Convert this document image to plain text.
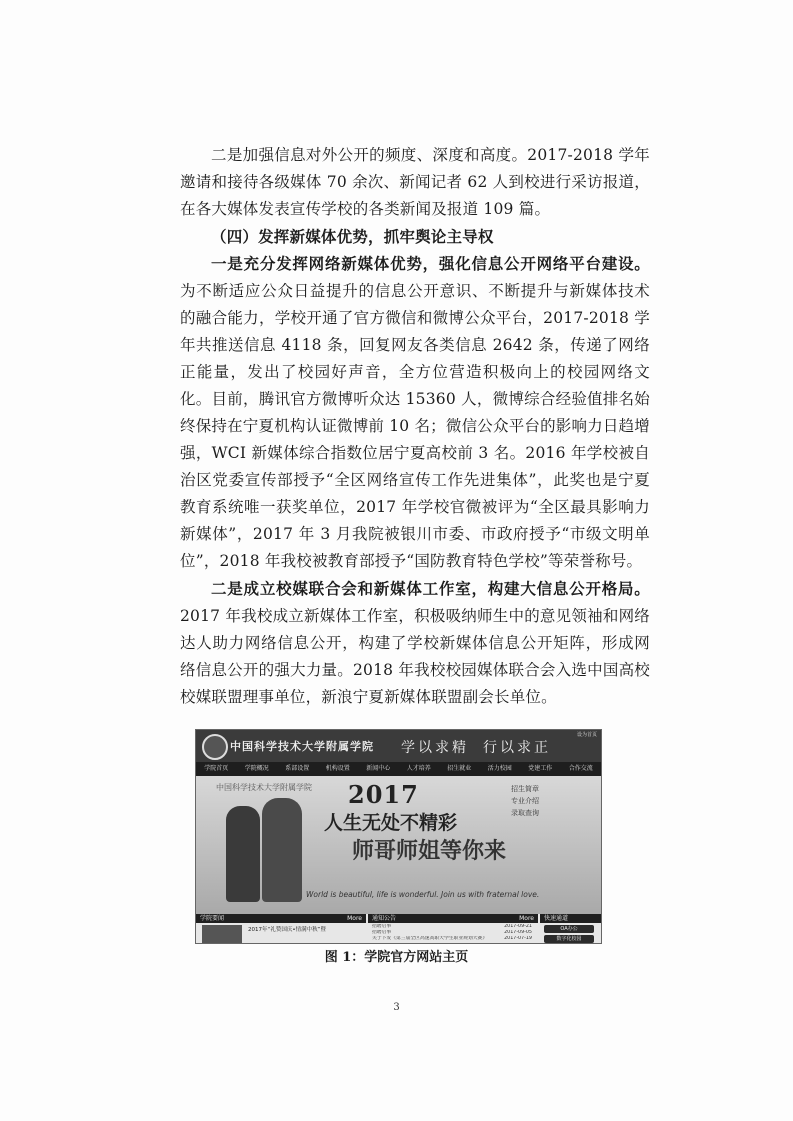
二是加强信息对外公开的频度、深度和高度。2017-2018 学年邀请和接待各级媒体 70 余次、新闻记者 62 人到校进行采访报道，在各大媒体发表宣传学校的各类新闻及报道 109 篇。

（四）发挥新媒体优势，抓牢舆论主导权

一是充分发挥网络新媒体优势，强化信息公开网络平台建设。为不断适应公众日益提升的信息公开意识、不断提升与新媒体技术的融合能力，学校开通了官方微信和微博公众平台，2017-2018 学年共推送信息 4118 条，回复网友各类信息 2642 条，传递了网络正能量，发出了校园好声音，全方位营造积极向上的校园网络文化。目前，腾讯官方微博听众达 15360 人，微博综合经验值排名始终保持在宁夏机构认证微博前 10 名；微信公众平台的影响力日趋增强，WCI 新媒体综合指数位居宁夏高校前 3 名。2016 年学校被自治区党委宣传部授予“全区网络宣传工作先进集体”，此奖也是宁夏教育系统唯一获奖单位，2017 年学校官微被评为“全区最具影响力新媒体”，2017 年 3 月我院被银川市委、市政府授予“市级文明单位”，2018 年我校被教育部授予“国防教育特色学校”等荣誉称号。

二是成立校媒联合会和新媒体工作室，构建大信息公开格局。2017 年我校成立新媒体工作室，积极吸纳师生中的意见领袖和网络达人助力网络信息公开，构建了学校新媒体信息公开矩阵，形成网络信息公开的强大力量。2018 年我校校园媒体联合会入选中国高校校媒联盟理事单位，新浪宁夏新媒体联盟副会长单位。

中国科学技术大学附属学院 学以求精 行以求正
设为首页
学院首页	学院概况	系部设置	机构设置	新闻中心	人才培养	招生就业	活力校园	党建工作	合作交流
中国科学技术大学附属学院 2017
人生无处不精彩
师哥师姐等你来
World is beautiful, life is wonderful. Join us with fraternal love.
招生简章
专业介绍
录取查询
学院要闻	More
2017年“礼赞国庆•情满中秋”暨
通知公告	More
招聘启事	2017-09-21
招聘启事	2017-09-05
关于下发《第三届全区高速高职大学生职业规划大赛》	2017-07-19
快速通道
OA办公
数字化校园
图 1：学院官方网站主页
3
